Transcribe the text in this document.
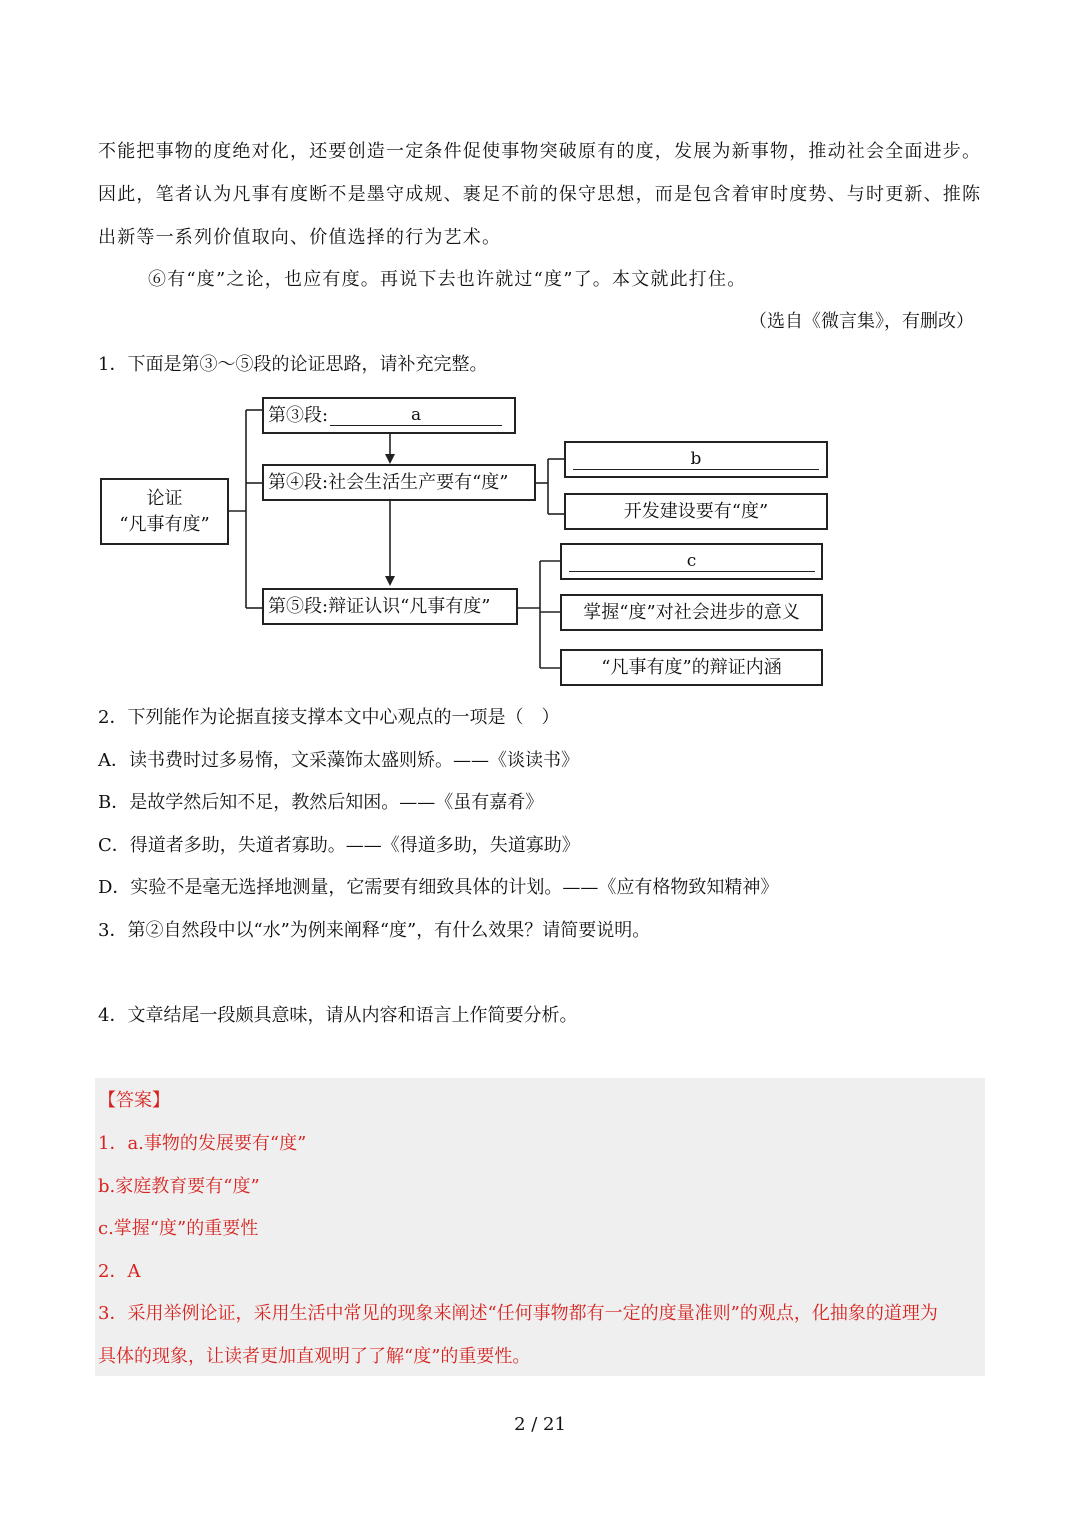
不能把事物的度绝对化，还要创造一定条件促使事物突破原有的度，发展为新事物，推动社会全面进步。
因此，笔者认为凡事有度断不是墨守成规、裹足不前的保守思想，而是包含着审时度势、与时更新、推陈
出新等一系列价值取向、价值选择的行为艺术。
⑥有“度”之论，也应有度。再说下去也许就过“度”了。本文就此打住。
（选自《微言集》，有删改）
1．下面是第③～⑤段的论证思路，请补充完整。
论证
“凡事有度”
第③段:	a
第④段:社会生活生产要有“度”
b
开发建设要有“度”
第⑤段:辩证认识“凡事有度”
c
掌握“度”对社会进步的意义
“凡事有度”的辩证内涵
2．下列能作为论据直接支撑本文中心观点的一项是（　）
A．读书费时过多易惰，文采藻饰太盛则矫。——《谈读书》
B．是故学然后知不足，教然后知困。——《虽有嘉肴》
C．得道者多助，失道者寡助。——《得道多助，失道寡助》
D．实验不是毫无选择地测量，它需要有细致具体的计划。——《应有格物致知精神》
3．第②自然段中以“水”为例来阐释“度”，有什么效果？请简要说明。
4．文章结尾一段颇具意味，请从内容和语言上作简要分析。
【答案】
1．a.事物的发展要有“度”
b.家庭教育要有“度”
c.掌握“度”的重要性
2．A
3．采用举例论证，采用生活中常见的现象来阐述“任何事物都有一定的度量准则”的观点，化抽象的道理为
具体的现象，让读者更加直观明了了解“度”的重要性。
2 / 21
